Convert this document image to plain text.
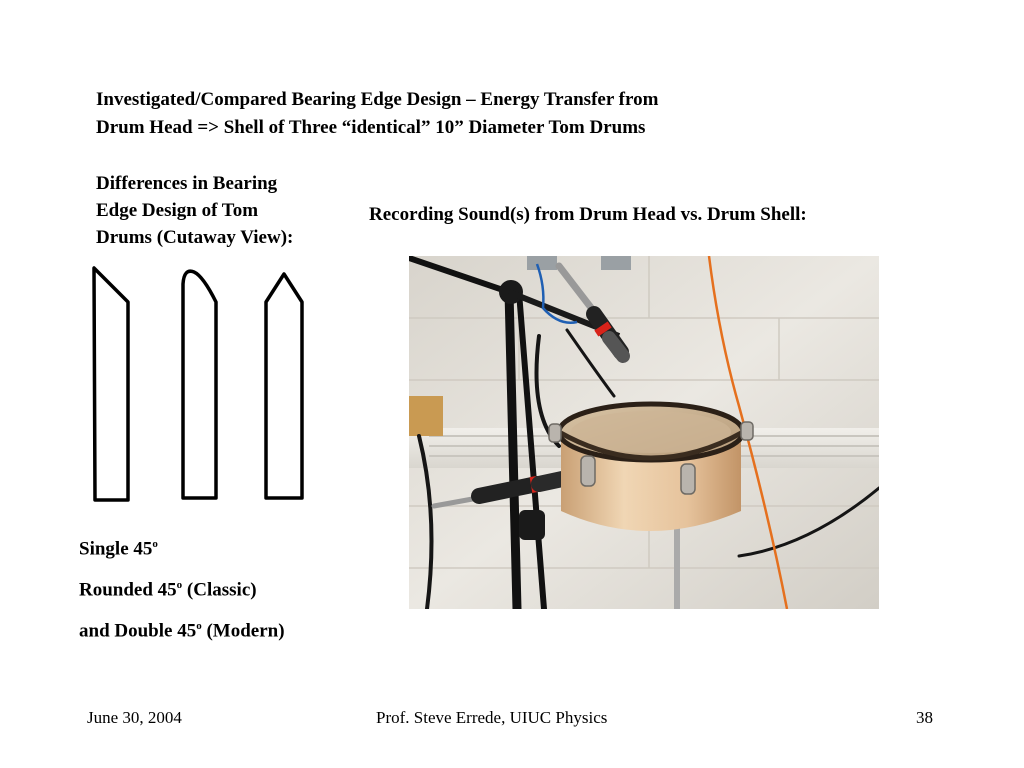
Investigated/Compared Bearing Edge Design – Energy Transfer from
Drum Head => Shell of Three “identical” 10” Diameter Tom Drums
Differences in Bearing
Edge Design of Tom
Drums (Cutaway View):
Recording Sound(s) from Drum Head vs. Drum Shell:
Single 45$^o$
Rounded 45$^o$ (Classic)
and Double 45$^o$ (Modern)
June 30, 2004	Prof. Steve Errede, UIUC Physics	38
